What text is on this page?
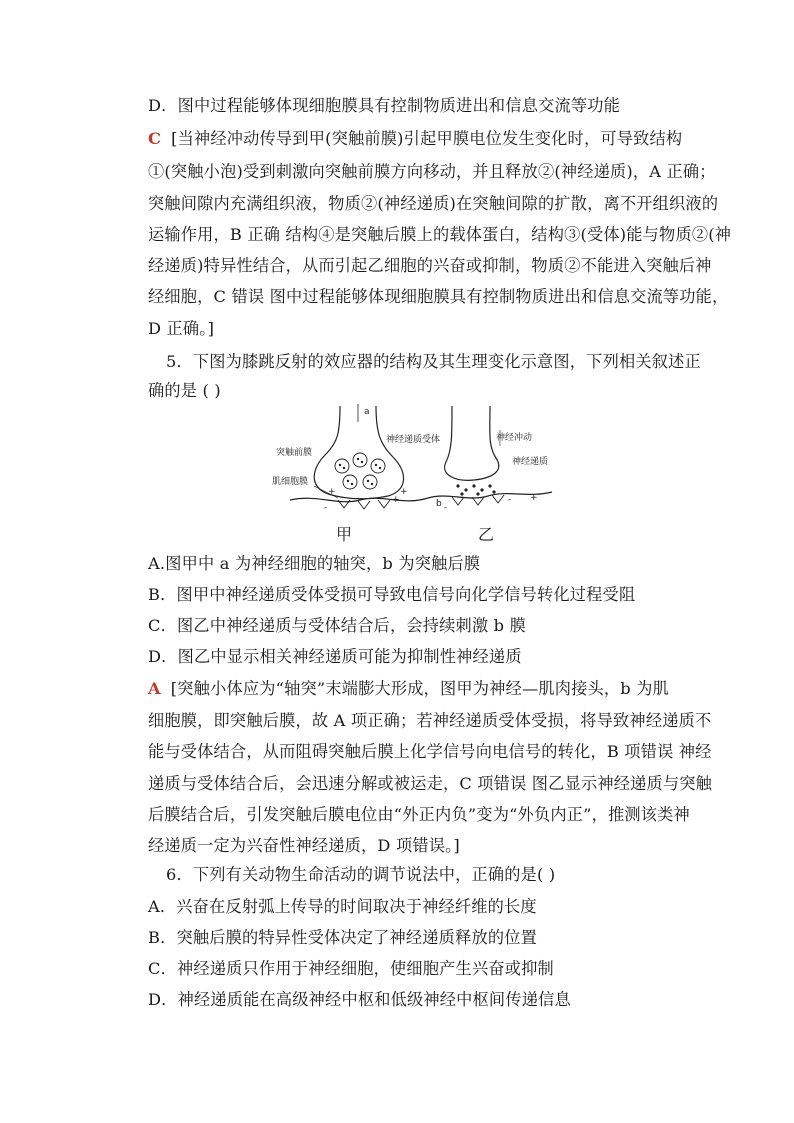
D．图中过程能够体现细胞膜具有控制物质进出和信息交流等功能
C [当神经冲动传导到甲(突触前膜)引起甲膜电位发生变化时，可导致结构
①(突触小泡)受到刺激向突触前膜方向移动，并且释放②(神经递质)，A 正确；
突触间隙内充满组织液，物质②(神经递质)在突触间隙的扩散，离不开组织液的
运输作用，B 正确 结构④是突触后膜上的载体蛋白，结构③(受体)能与物质②(神
经递质)特异性结合，从而引起乙细胞的兴奋或抑制，物质②不能进入突触后神
经细胞，C 错误 图中过程能够体现细胞膜具有控制物质进出和信息交流等功能，
D 正确。]
5．下图为膝跳反射的效应器的结构及其生理变化示意图，下列相关叙述正
确的是 ( )
a
+	+
+
-
突触前膜
神经递质受体
肌细胞膜
-
- +
b
神经冲动
神经递质
甲	乙
A.图甲中 a 为神经细胞的轴突，b 为突触后膜
B．图甲中神经递质受体受损可导致电信号向化学信号转化过程受阻
C．图乙中神经递质与受体结合后，会持续刺激 b 膜
D．图乙中显示相关神经递质可能为抑制性神经递质
A [突触小体应为“轴突”末端膨大形成，图甲为神经—肌肉接头，b 为肌
细胞膜，即突触后膜，故 A 项正确；若神经递质受体受损，将导致神经递质不
能与受体结合，从而阻碍突触后膜上化学信号向电信号的转化，B 项错误 神经
递质与受体结合后，会迅速分解或被运走，C 项错误 图乙显示神经递质与突触
后膜结合后，引发突触后膜电位由“外正内负”变为“外负内正”，推测该类神
经递质一定为兴奋性神经递质，D 项错误。]
6．下列有关动物生命活动的调节说法中，正确的是( )
A．兴奋在反射弧上传导的时间取决于神经纤维的长度
B．突触后膜的特异性受体决定了神经递质释放的位置
C．神经递质只作用于神经细胞，使细胞产生兴奋或抑制
D．神经递质能在高级神经中枢和低级神经中枢间传递信息
